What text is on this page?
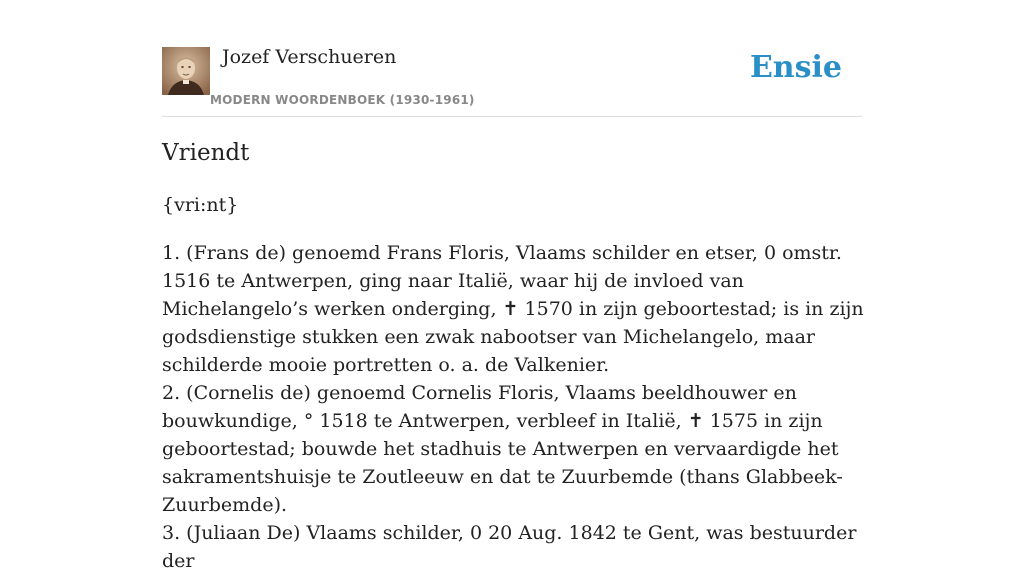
Jozef Verschueren
MODERN WOORDENBOEK (1930-1961)
Ensie
Vriendt
{vri:nt}

1. (Frans de) genoemd Frans Floris, Vlaams schilder en etser, 0 omstr. 1516 te Antwerpen, ging naar Italië, waar hij de invloed van Michelangelo’s werken onderging, ✝ 1570 in zijn geboortestad; is in zijn godsdienstige stukken een zwak nabootser van Michelangelo, maar schilderde mooie portretten o. a. de Valkenier.

2. (Cornelis de) genoemd Cornelis Floris, Vlaams beeldhouwer en bouwkundige, ° 1518 te Antwerpen, verbleef in Italië, ✝ 1575 in zijn geboortestad; bouwde het stadhuis te Antwerpen en vervaardigde het sakramentshuisje te Zoutleeuw en dat te Zuurbemde (thans Glabbeek-Zuurbemde).

3. (Juliaan De) Vlaams schilder, 0 20 Aug. 1842 te Gent, was bestuurder der
